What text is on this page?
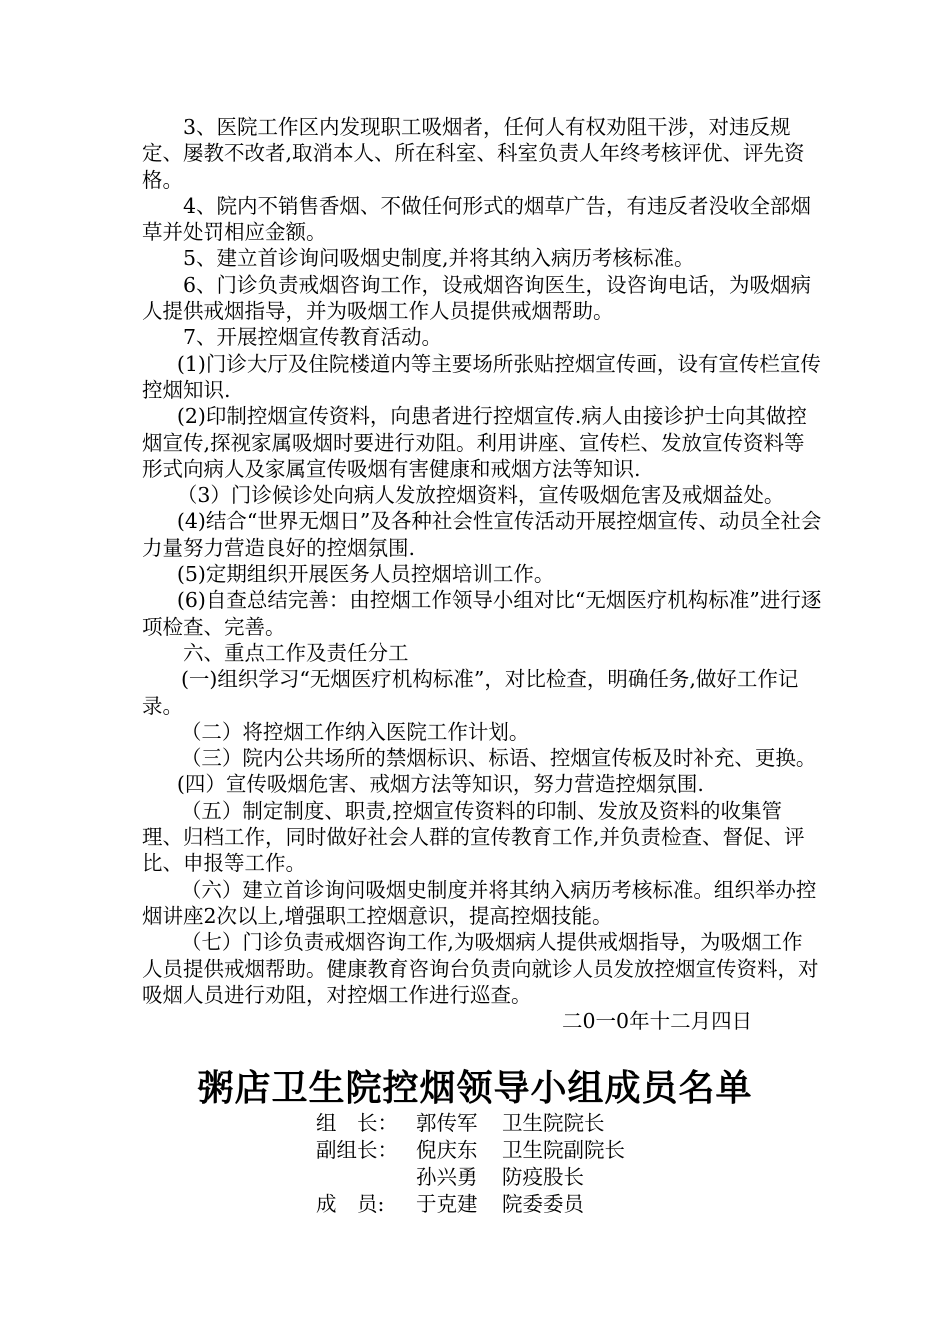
3、医院工作区内发现职工吸烟者，任何人有权劝阻干涉，对违反规定、屡教不改者,取消本人、所在科室、科室负责人年终考核评优、评先资格。

4、院内不销售香烟、不做任何形式的烟草广告，有违反者没收全部烟草并处罚相应金额。

5、建立首诊询问吸烟史制度,并将其纳入病历考核标准。

6、门诊负责戒烟咨询工作，设戒烟咨询医生，设咨询电话，为吸烟病人提供戒烟指导，并为吸烟工作人员提供戒烟帮助。

7、开展控烟宣传教育活动。

(1)门诊大厅及住院楼道内等主要场所张贴控烟宣传画，设有宣传栏宣传控烟知识.

(2)印制控烟宣传资料，向患者进行控烟宣传.病人由接诊护士向其做控烟宣传,探视家属吸烟时要进行劝阻。利用讲座、宣传栏、发放宣传资料等形式向病人及家属宣传吸烟有害健康和戒烟方法等知识.

（3）门诊候诊处向病人发放控烟资料，宣传吸烟危害及戒烟益处。

(4)结合“世界无烟日”及各种社会性宣传活动开展控烟宣传、动员全社会力量努力营造良好的控烟氛围.

(5)定期组织开展医务人员控烟培训工作。

(6)自查总结完善：由控烟工作领导小组对比“无烟医疗机构标准”进行逐项检查、完善。

六、重点工作及责任分工

(一)组织学习“无烟医疗机构标准”，对比检查，明确任务,做好工作记录。

（二）将控烟工作纳入医院工作计划。

（三）院内公共场所的禁烟标识、标语、控烟宣传板及时补充、更换。

(四）宣传吸烟危害、戒烟方法等知识，努力营造控烟氛围.

（五）制定制度、职责,控烟宣传资料的印制、发放及资料的收集管理、归档工作，同时做好社会人群的宣传教育工作,并负责检查、督促、评比、申报等工作。

（六）建立首诊询问吸烟史制度并将其纳入病历考核标准。组织举办控烟讲座2次以上,增强职工控烟意识，提高控烟技能。

（七）门诊负责戒烟咨询工作,为吸烟病人提供戒烟指导，为吸烟工作人员提供戒烟帮助。健康教育咨询台负责向就诊人员发放控烟宣传资料，对吸烟人员进行劝阻，对控烟工作进行巡查。

二0一0年十二月四日

粥店卫生院控烟领导小组成员名单
组　长： 郭传军	卫生院院长
副组长： 倪庆东	卫生院副院长
孙兴勇	防疫股长
成　员:	于克建	院委委员
